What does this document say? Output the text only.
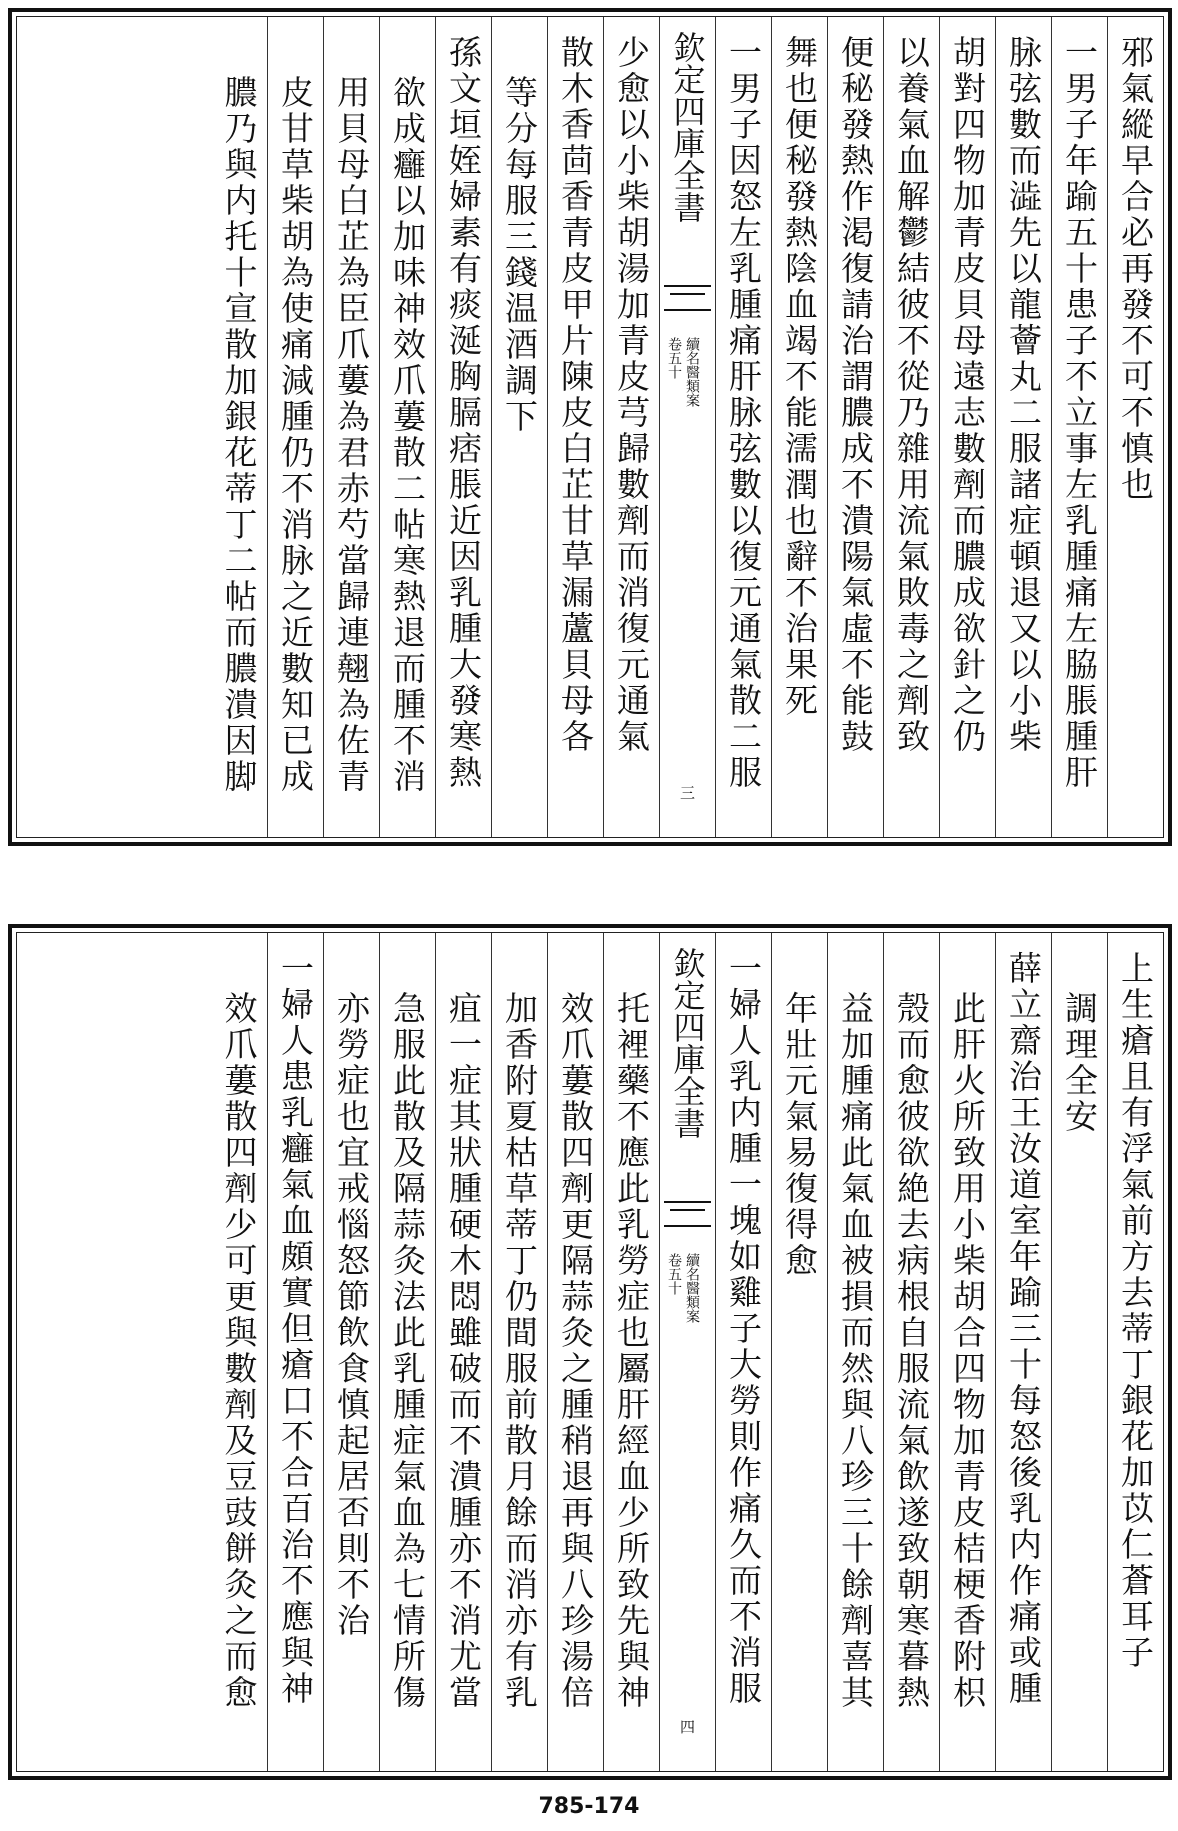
邪氣縱早合必再發不可不慎也
一男子年踰五十患子不立事左乳腫痛左脇脹腫肝
脉弦數而澁先以龍薈丸二服諸症頓退又以小柴
胡對四物加青皮貝母遠志數劑而膿成欲針之仍
以養氣血解鬱結彼不從乃雜用流氣敗毒之劑致
便秘發熱作渇復請治謂膿成不潰陽氣虛不能鼓
舞也便秘發熱陰血竭不能濡潤也辭不治果死
一男子因怒左乳腫痛肝脉弦數以復元通氣散二服
欽定四庫全書
續名醫類案
卷五十
三
少愈以小柴胡湯加青皮芎歸數劑而消復元通氣
散木香茴香青皮甲片陳皮白芷甘草漏蘆貝母各
等分每服三錢温酒調下
孫文垣姪婦素有痰涎胸膈痞脹近因乳腫大發寒熱
欲成癰以加味神效爪蔞散二帖寒熱退而腫不消
用貝母白芷為臣爪蔞為君赤芍當歸連翹為佐青
皮甘草柴胡為使痛減腫仍不消脉之近數知已成
膿乃與内托十宣散加銀花蒂丁二帖而膿潰因脚
上生瘡且有浮氣前方去蒂丁銀花加苡仁蒼耳子
調理全安
薛立齋治王汝道室年踰三十每怒後乳内作痛或腫
此肝火所致用小柴胡合四物加青皮桔梗香附枳
殼而愈彼欲絶去病根自服流氣飲遂致朝寒暮熱
益加腫痛此氣血被損而然與八珍三十餘劑喜其
年壯元氣易復得愈
一婦人乳内腫一塊如雞子大勞則作痛久而不消服
欽定四庫全書
續名醫類案
卷五十
四
托裡藥不應此乳勞症也屬肝經血少所致先與神
效爪蔞散四劑更隔蒜灸之腫稍退再與八珍湯倍
加香附夏枯草蒂丁仍間服前散月餘而消亦有乳
疽一症其狀腫硬木悶雖破而不潰腫亦不消尤當
急服此散及隔蒜灸法此乳腫症氣血為七情所傷
亦勞症也宜戒惱怒節飲食慎起居否則不治
一婦人患乳癰氣血頗實但瘡口不合百治不應與神
效爪蔞散四劑少可更與數劑及豆豉餅灸之而愈
785-174
